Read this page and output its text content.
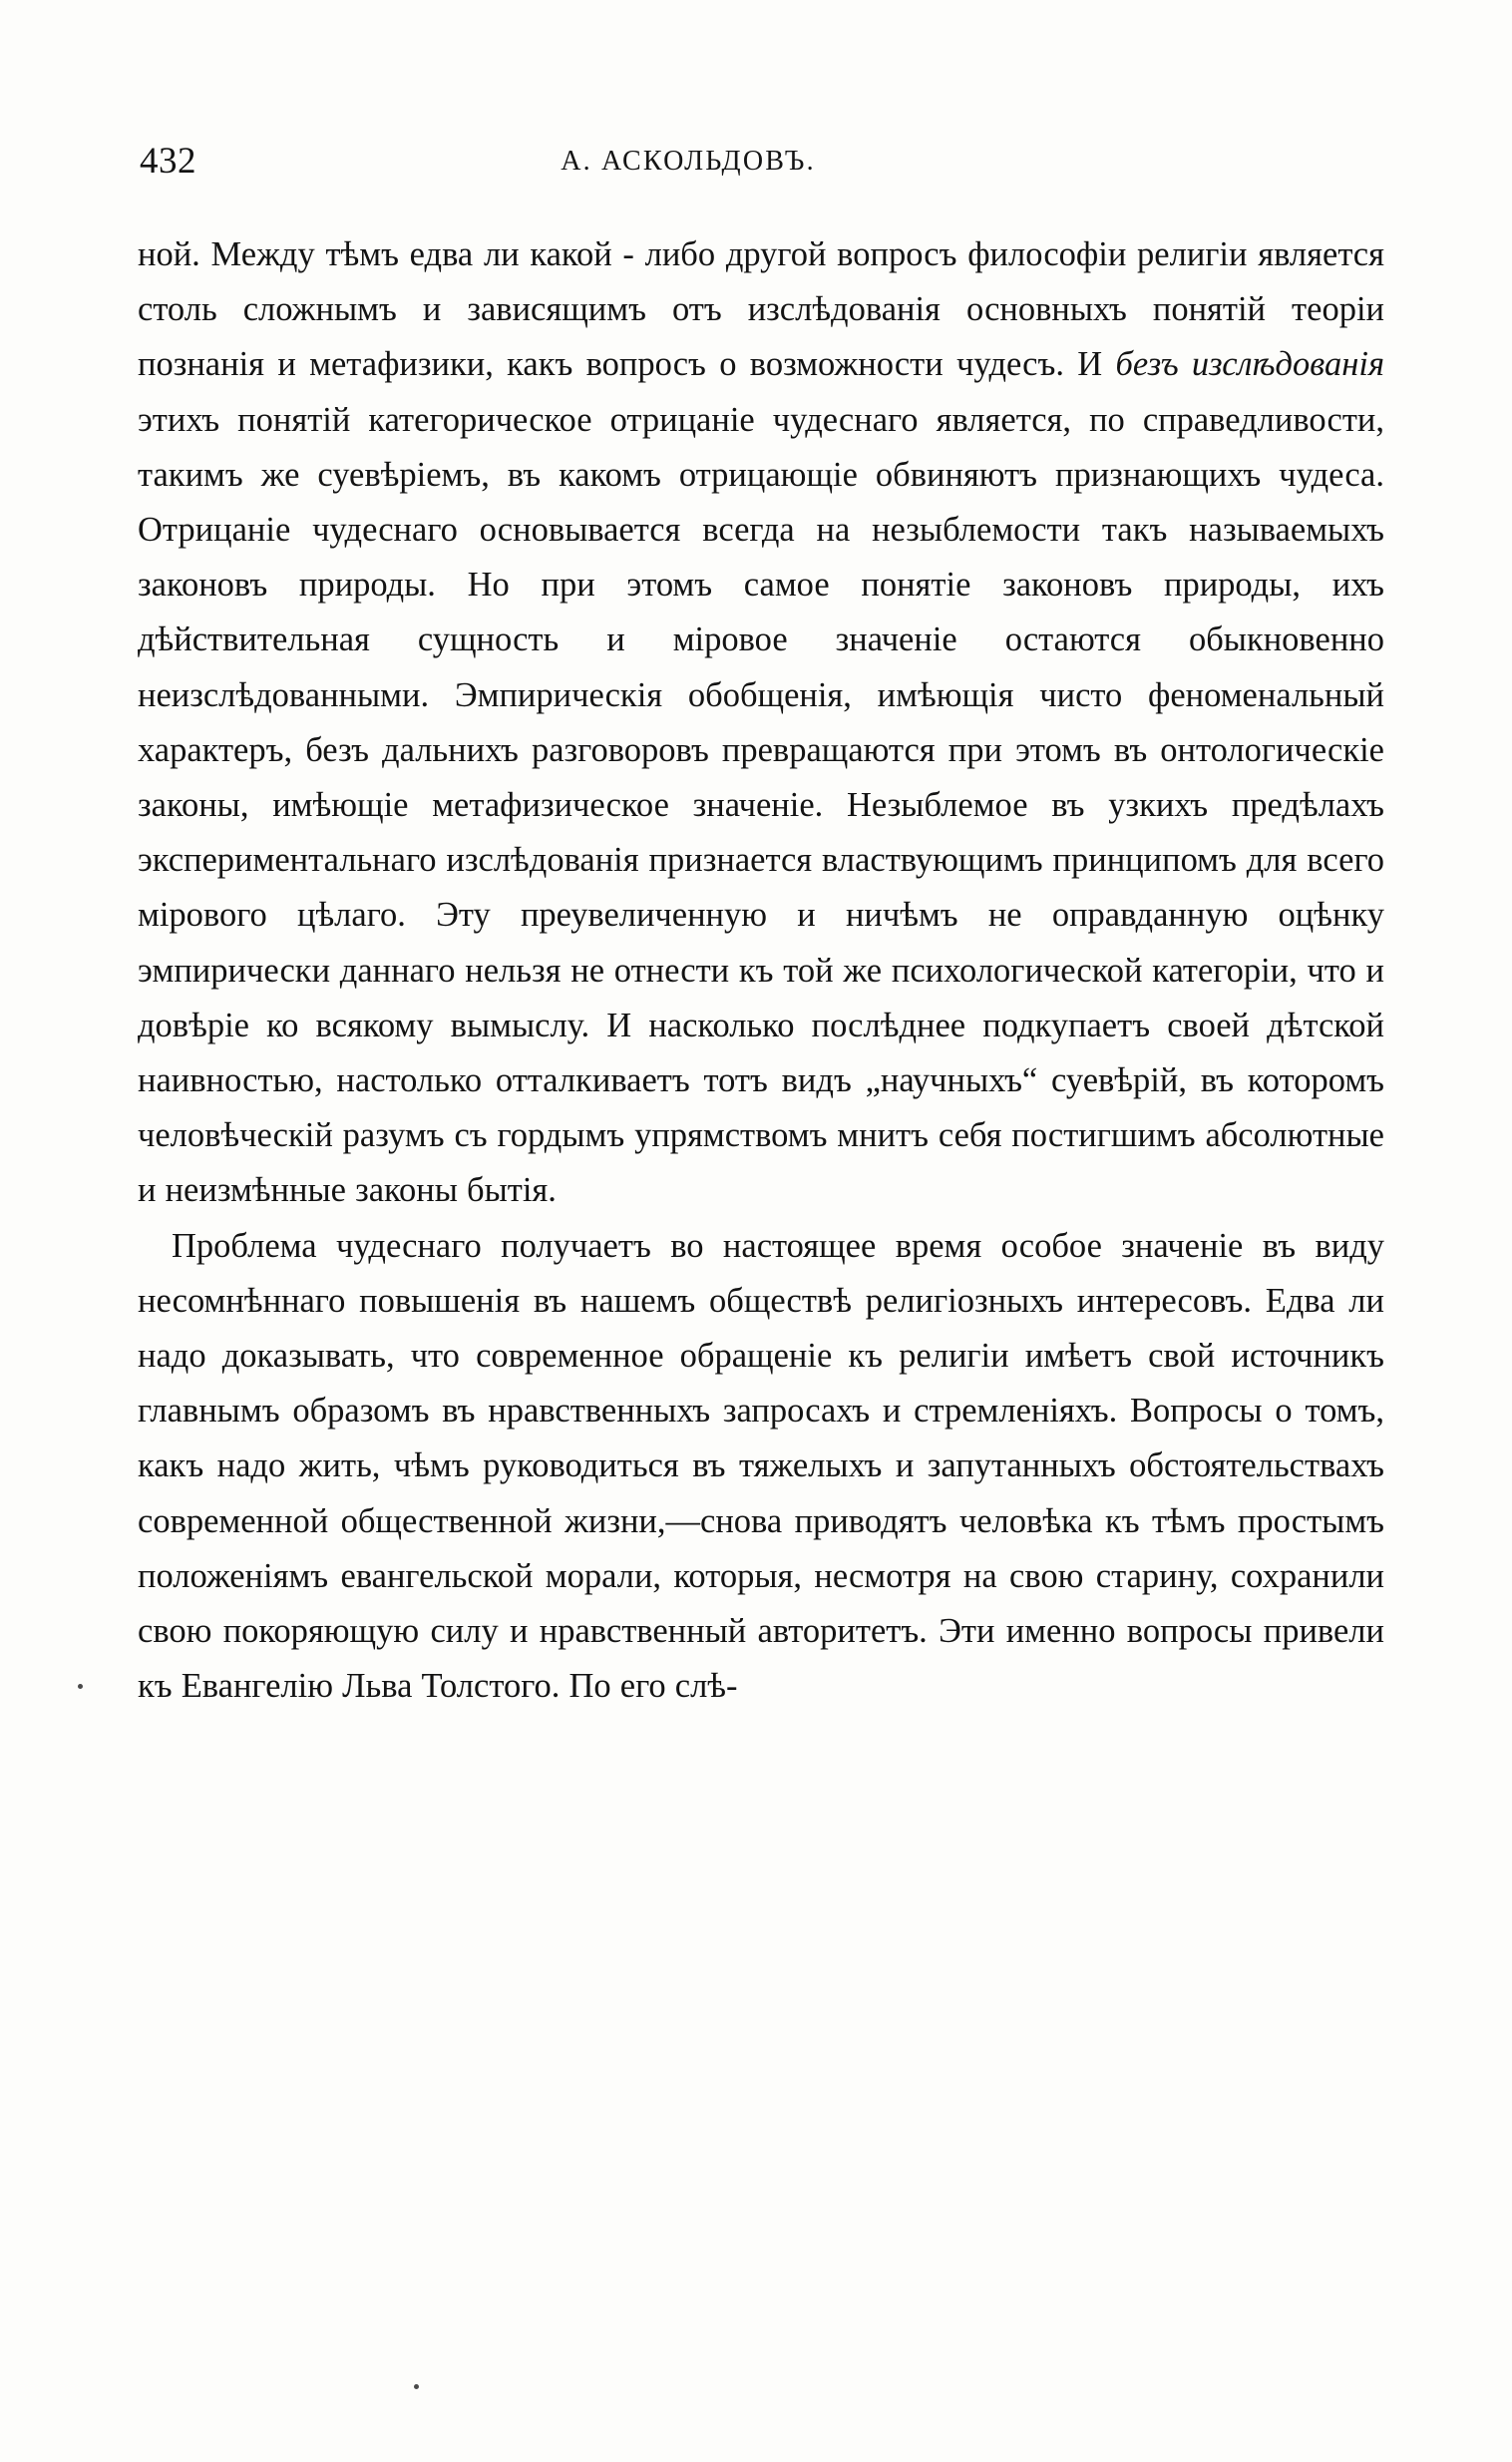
432	А. АСКОЛЬДОВЪ.

ной. Между тѣмъ едва ли какой - либо другой вопросъ философіи религіи является столь сложнымъ и зависящимъ отъ изслѣдованія основныхъ понятій теоріи познанія и метафизики, какъ вопросъ о возможности чудесъ. И безъ изслѣдованія этихъ понятій категорическое отрицаніе чудеснаго является, по справедливости, такимъ же суевѣріемъ, въ какомъ отрицающіе обвиняютъ признающихъ чудеса. Отрицаніе чудеснаго основывается всегда на незыблемости такъ называемыхъ законовъ природы. Но при этомъ самое понятіе законовъ природы, ихъ дѣйствительная сущность и міровое значеніе остаются обыкновенно неизслѣдованными. Эмпирическія обобщенія, имѣющія чисто феноменальный характеръ, безъ дальнихъ разговоровъ превращаются при этомъ въ онтологическіе законы, имѣющіе метафизическое значеніе. Незыблемое въ узкихъ предѣлахъ экспериментальнаго изслѣдованія признается властвующимъ принципомъ для всего мірового цѣлаго. Эту преувеличенную и ничѣмъ не оправданную оцѣнку эмпирически даннаго нельзя не отнести къ той же психологической категоріи, что и довѣріе ко всякому вымыслу. И насколько послѣднее подкупаетъ своей дѣтской наивностью, настолько отталкиваетъ тотъ видъ „научныхъ“ суевѣрій, въ которомъ человѣческій разумъ съ гордымъ упрямствомъ мнитъ себя постигшимъ абсолютные и неизмѣнные законы бытія.

Проблема чудеснаго получаетъ во настоящее время особое значеніе въ виду несомнѣннаго повышенія въ нашемъ обществѣ религіозныхъ интересовъ. Едва ли надо доказывать, что современное обращеніе къ религіи имѣетъ свой источникъ главнымъ образомъ въ нравственныхъ запросахъ и стремленіяхъ. Вопросы о томъ, какъ надо жить, чѣмъ руководиться въ тяжелыхъ и запутанныхъ обстоятельствахъ современной общественной жизни,—снова приводятъ человѣка къ тѣмъ простымъ положеніямъ евангельской морали, которыя, несмотря на свою старину, сохранили свою покоряющую силу и нравственный авторитетъ. Эти именно вопросы привели къ Евангелію Льва Толстого. По его слѣ-
